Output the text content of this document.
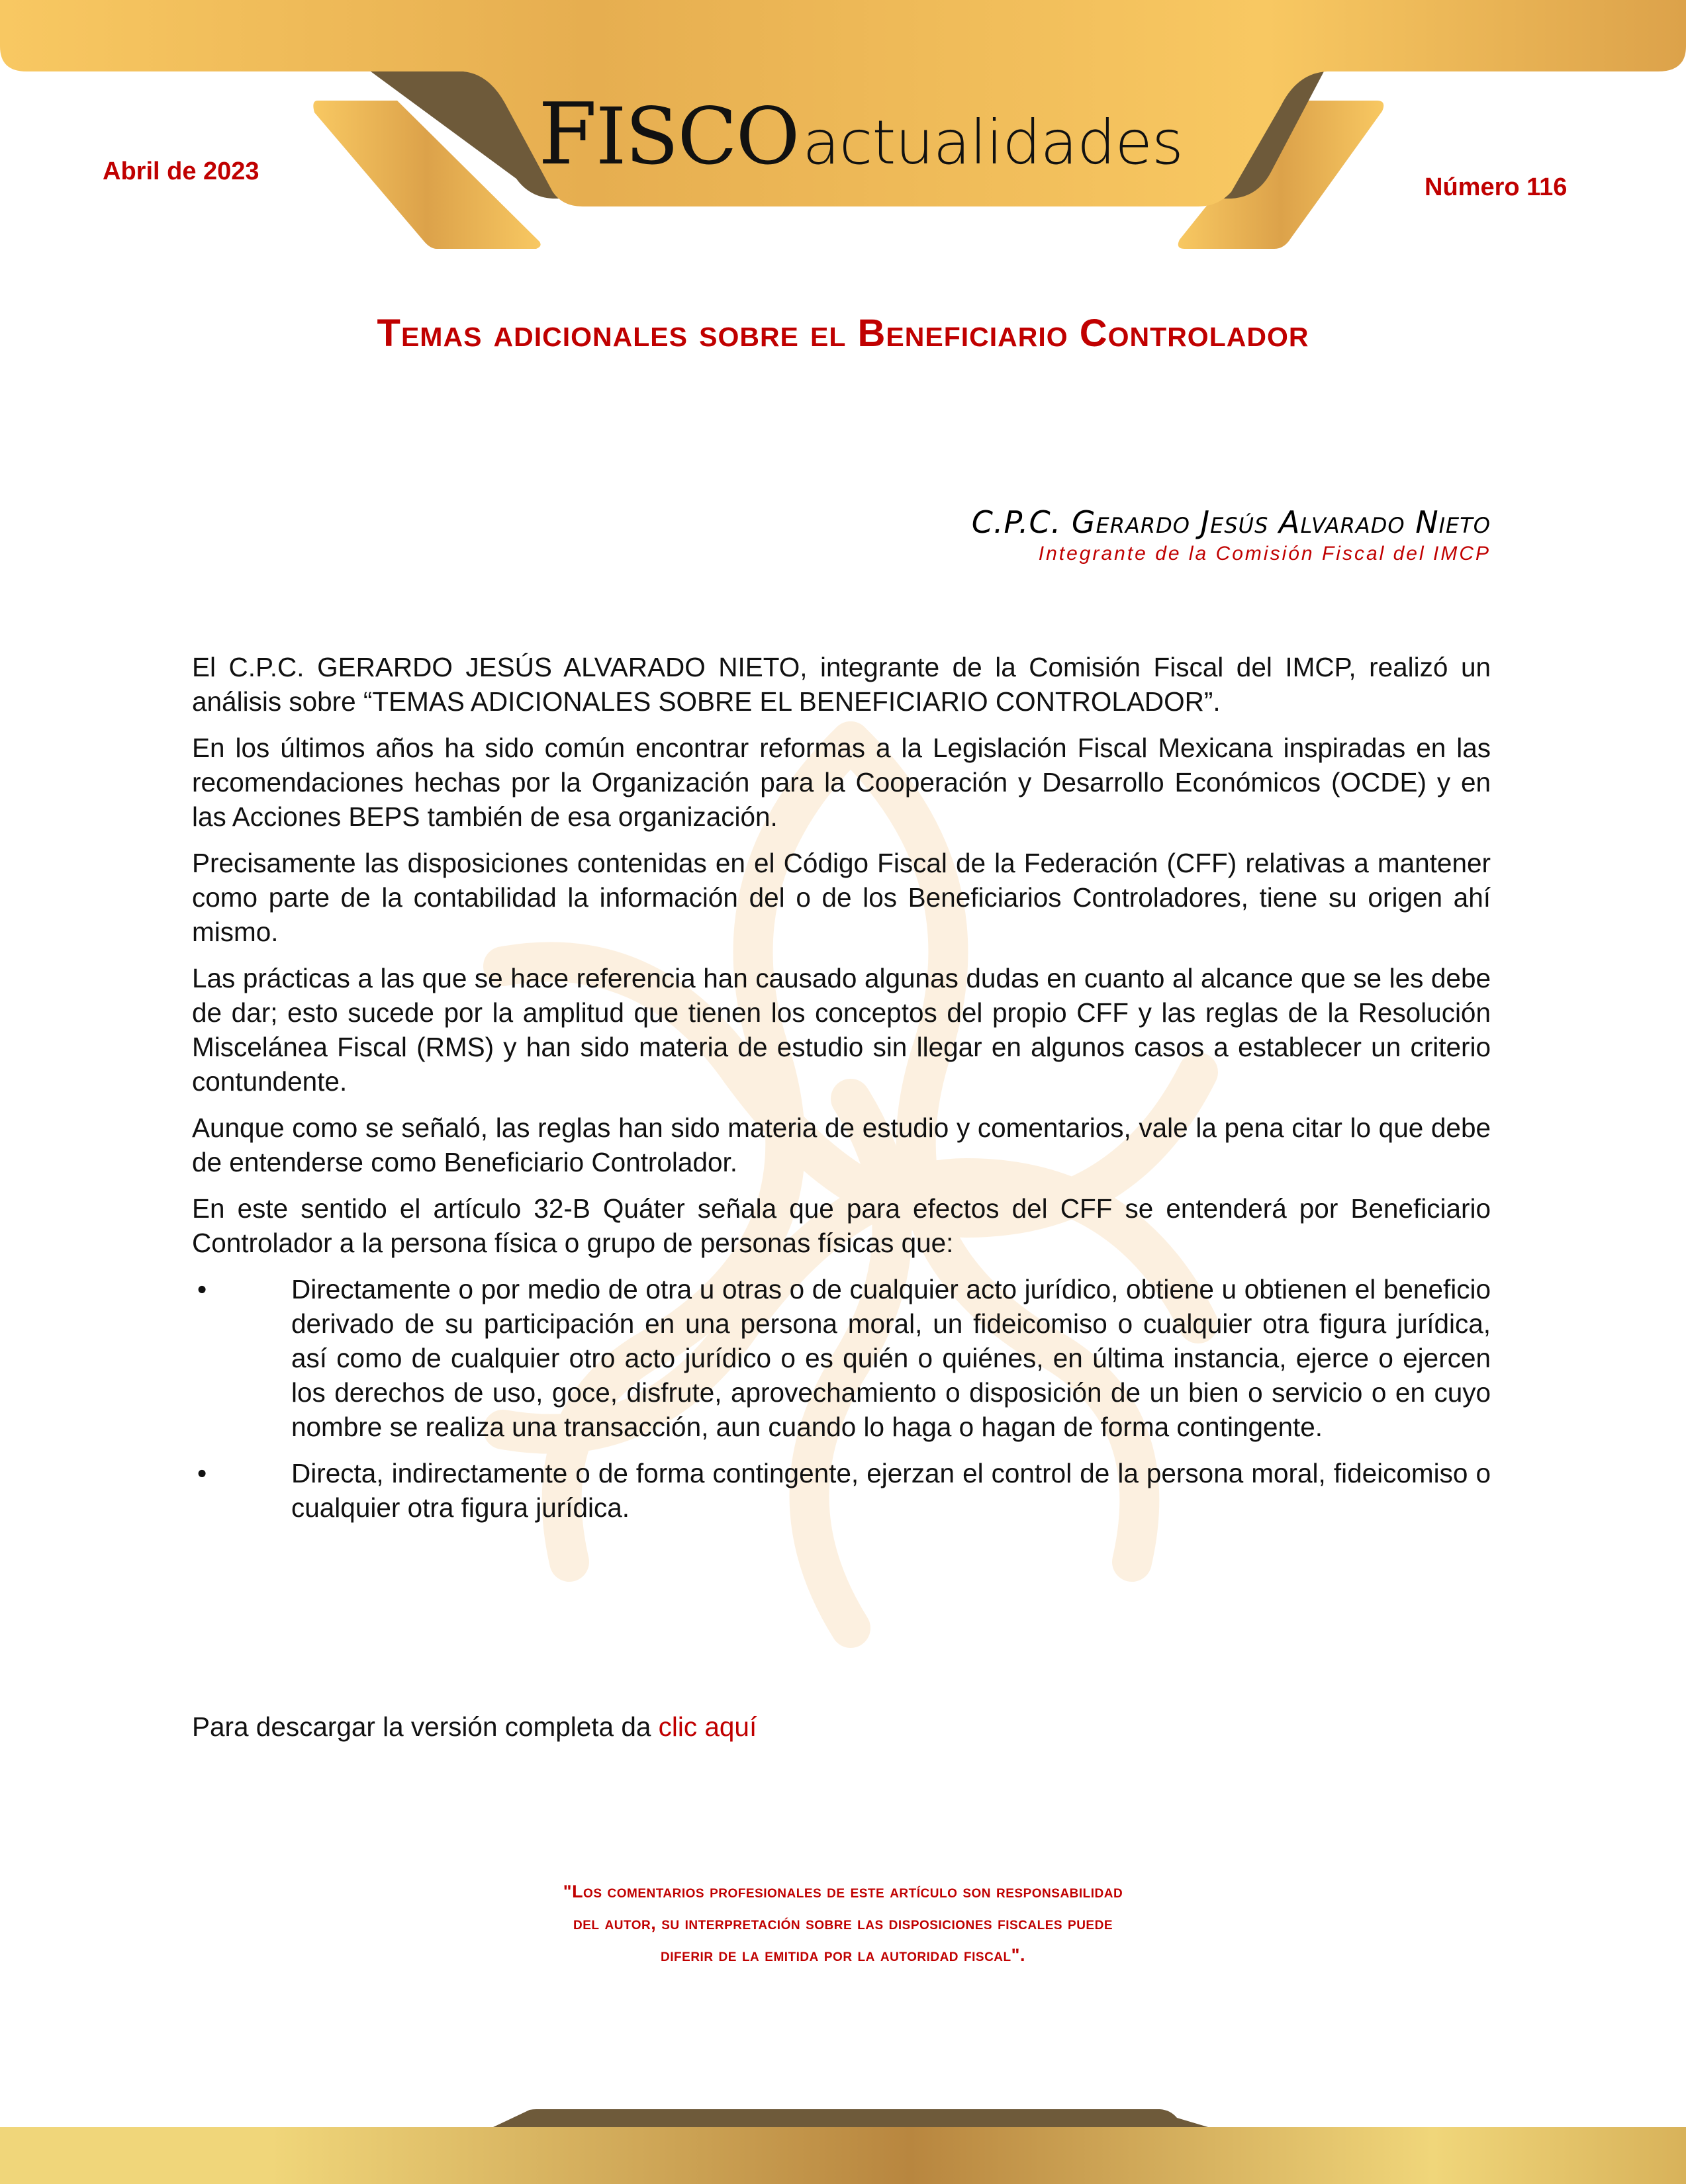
FISCO actualidades
Abril de 2023
Número 116
Temas adicionales sobre el Beneficiario Controlador
C.P.C. Gerardo Jesús Alvarado Nieto
Integrante de la Comisión Fiscal del IMCP

El C.P.C. GERARDO JESÚS ALVARADO NIETO, integrante de la Comisión Fiscal del IMCP, realizó un análisis sobre “TEMAS ADICIONALES SOBRE EL BENEFICIARIO CONTROLADOR”.

En los últimos años ha sido común encontrar reformas a la Legislación Fiscal Mexicana inspiradas en las recomendaciones hechas por la Organización para la Cooperación y Desarrollo Económicos (OCDE) y en las Acciones BEPS también de esa organización.

Precisamente las disposiciones contenidas en el Código Fiscal de la Federación (CFF) relativas a mantener como parte de la contabilidad la información del o de los Beneficiarios Controladores, tiene su origen ahí mismo.

Las prácticas a las que se hace referencia han causado algunas dudas en cuanto al alcance que se les debe de dar; esto sucede por la amplitud que tienen los conceptos del propio CFF y las reglas de la Resolución Miscelánea Fiscal (RMS) y han sido materia de estudio sin llegar en algunos casos a establecer un criterio contundente.

Aunque como se señaló, las reglas han sido materia de estudio y comentarios, vale la pena citar lo que debe de entenderse como Beneficiario Controlador.

En este sentido el artículo 32-B Quáter señala que para efectos del CFF se entenderá por Beneficiario Controlador a la persona física o grupo de personas físicas que:

•	Directamente o por medio de otra u otras o de cualquier acto jurídico, obtiene u obtienen el beneficio derivado de su participación en una persona moral, un fideicomiso o cualquier otra figura jurídica, así como de cualquier otro acto jurídico o es quién o quiénes, en última instancia, ejerce o ejercen los derechos de uso, goce, disfrute, aprovechamiento o disposición de un bien o servicio o en cuyo nombre se realiza una transacción, aun cuando lo haga o hagan de forma contingente.
•	Directa, indirectamente o de forma contingente, ejerzan el control de la persona moral, fideicomiso o cualquier otra figura jurídica.
Para descargar la versión completa da clic aquí
"Los comentarios profesionales de este artículo son responsabilidad
del autor, su interpretación sobre las disposiciones fiscales puede
diferir de la emitida por la autoridad fiscal".
